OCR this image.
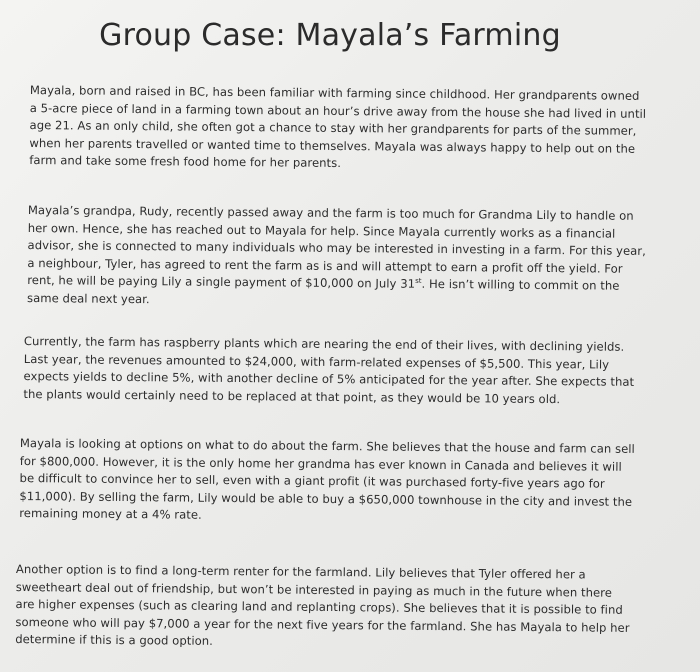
Group Case: Mayala’s Farming
Mayala, born and raised in BC, has been familiar with farming since childhood. Her grandparents owned
a 5-acre piece of land in a farming town about an hour’s drive away from the house she had lived in until
age 21. As an only child, she often got a chance to stay with her grandparents for parts of the summer,
when her parents travelled or wanted time to themselves. Mayala was always happy to help out on the
farm and take some fresh food home for her parents.
Mayala’s grandpa, Rudy, recently passed away and the farm is too much for Grandma Lily to handle on
her own. Hence, she has reached out to Mayala for help. Since Mayala currently works as a financial
advisor, she is connected to many individuals who may be interested in investing in a farm. For this year,
a neighbour, Tyler, has agreed to rent the farm as is and will attempt to earn a profit off the yield. For
rent, he will be paying Lily a single payment of $10,000 on July 31st. He isn’t willing to commit on the
same deal next year.
Currently, the farm has raspberry plants which are nearing the end of their lives, with declining yields.
Last year, the revenues amounted to $24,000, with farm-related expenses of $5,500. This year, Lily
expects yields to decline 5%, with another decline of 5% anticipated for the year after. She expects that
the plants would certainly need to be replaced at that point, as they would be 10 years old.
Mayala is looking at options on what to do about the farm. She believes that the house and farm can sell
for $800,000. However, it is the only home her grandma has ever known in Canada and believes it will
be difficult to convince her to sell, even with a giant profit (it was purchased forty-five years ago for
$11,000). By selling the farm, Lily would be able to buy a $650,000 townhouse in the city and invest the
remaining money at a 4% rate.
Another option is to find a long-term renter for the farmland. Lily believes that Tyler offered her a
sweetheart deal out of friendship, but won’t be interested in paying as much in the future when there
are higher expenses (such as clearing land and replanting crops). She believes that it is possible to find
someone who will pay $7,000 a year for the next five years for the farmland. She has Mayala to help her
determine if this is a good option.
